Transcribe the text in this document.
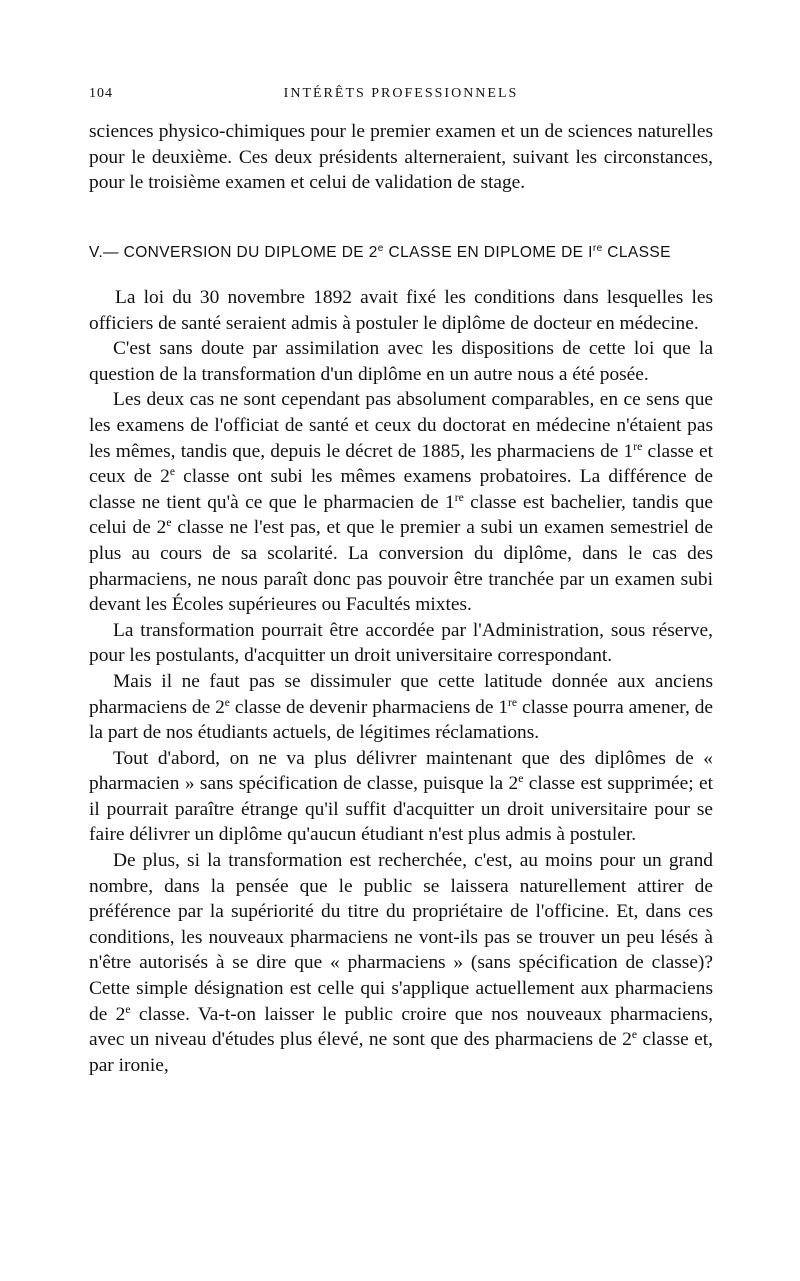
104	INTÉRÊTS PROFESSIONNELS

sciences physico-chimiques pour le premier examen et un de sciences naturelles pour le deuxième. Ces deux présidents alterneraient, suivant les circonstances, pour le troisième examen et celui de validation de stage.

V.— CONVERSION DU DIPLOME DE 2e CLASSE EN DIPLOME DE Ire CLASSE

La loi du 30 novembre 1892 avait fixé les conditions dans lesquelles les officiers de santé seraient admis à postuler le diplôme de docteur en médecine.

C'est sans doute par assimilation avec les dispositions de cette loi que la question de la transformation d'un diplôme en un autre nous a été posée.

Les deux cas ne sont cependant pas absolument comparables, en ce sens que les examens de l'officiat de santé et ceux du doctorat en médecine n'étaient pas les mêmes, tandis que, depuis le décret de 1885, les pharmaciens de 1re classe et ceux de 2e classe ont subi les mêmes examens probatoires. La différence de classe ne tient qu'à ce que le pharmacien de 1re classe est bachelier, tandis que celui de 2e classe ne l'est pas, et que le premier a subi un examen semestriel de plus au cours de sa scolarité. La conversion du diplôme, dans le cas des pharmaciens, ne nous paraît donc pas pouvoir être tranchée par un examen subi devant les Écoles supérieures ou Facultés mixtes.

La transformation pourrait être accordée par l'Administration, sous réserve, pour les postulants, d'acquitter un droit universitaire correspondant.

Mais il ne faut pas se dissimuler que cette latitude donnée aux anciens pharmaciens de 2e classe de devenir pharmaciens de 1re classe pourra amener, de la part de nos étudiants actuels, de légitimes réclamations.

Tout d'abord, on ne va plus délivrer maintenant que des diplômes de « pharmacien » sans spécification de classe, puisque la 2e classe est supprimée; et il pourrait paraître étrange qu'il suffit d'acquitter un droit universitaire pour se faire délivrer un diplôme qu'aucun étudiant n'est plus admis à postuler.

De plus, si la transformation est recherchée, c'est, au moins pour un grand nombre, dans la pensée que le public se laissera naturellement attirer de préférence par la supériorité du titre du propriétaire de l'officine. Et, dans ces conditions, les nouveaux pharmaciens ne vont-ils pas se trouver un peu lésés à n'être autorisés à se dire que « pharmaciens » (sans spécification de classe)? Cette simple désignation est celle qui s'applique actuellement aux pharmaciens de 2e classe. Va-t-on laisser le public croire que nos nouveaux pharmaciens, avec un niveau d'études plus élevé, ne sont que des pharmaciens de 2e classe et, par ironie,
